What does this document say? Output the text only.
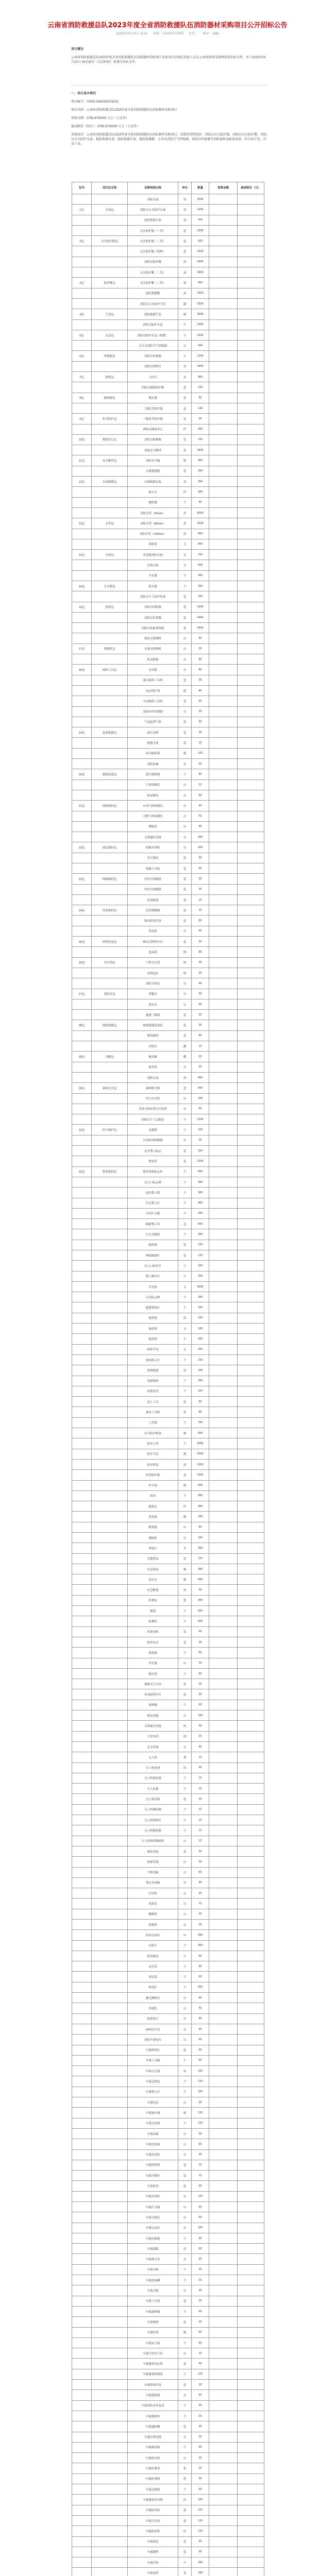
云南省消防救援总队2023年度全省消防救援队伍消防器材采购项目公开招标公告
2023年03月24日 15:41 来源：中国政府采购网 作者： 阅读：1888

项目概况

云南省消防救援总队2023年度全省消防救援队伍消防器材采购项目 招标项目的潜在投标人应在云南省政府采购网获取招标文件，并于2023年04月14日 09点30分（北京时间）前递交投标文件。

一、项目基本情况

项目编号：YNGK-NNGW2023(01)

项目名称：云南省消防救援总队2023年度全省消防救援队伍消防器材采购项目

预算金额：3756.8700000 万元（人民币）

最高限价（如有）：3756.8700000 万元（人民币）

采购需求：云南省消防救援总队2023年度全省消防救援队伍消防器材采购项目，采购的货物包括：消防员灭火防护服、消防员灭火防护靴、消防员灭火防护头套、抢险救援头盔、抢险救援手套、抢险救援靴、正压式消防空气呼吸器、消防员呼救器等消防器材及配套设备，共计32个包，详见下表。

包号	项目包名称	采购明细名称	单位	数量	预算金额	最高限价（元）
		消防头盔	顶	2500		
1包	头盔包	消防员灭火防护头盔	顶	1650		
		抢险救援头盔	顶	420		
		灭火防护服（一类）	套	1900		
2包	灭火防护服包	灭火防护服（二类）	套	420		
		灭火防护服（特种）	套	1500		
		消防员防护靴	双	2400		
		灭火防护靴（二类）	双	1800		
3包	防护靴包	灭火防护靴（三类）	双	900		
		抢险救援靴	双	1420		
		消防员灭火防护手套	副	3200		
4包	手套包	抢险救援手套	副	2600		
		消防员防护头套	个	2300		
5包	头套包	消防员防护头套（阻燃）	个	1600		
		正压式消防空气呼吸器	台	560		
6包	呼吸器包	消防员呼救器	个	1200		
		消防员照明灯	具	1800		
7包	照明包	方位灯	具	900		
		消防员隔热防护服	套	220		
8包	隔热服包	避火服	套	60		
		二级化学防护服	套	140		
9包	化学防护包	一级化学防护服	套	35		
		消防员降温背心	件	400		
10包	降温背心包	消防员防蜂服	套	120		
		消防安全腰带	条	1800		
11包	安全腰带包	消防安全绳	根	900		
		水域救援服	套	260		
12包	水域救援包	水域救援头盔	顶	260		
		救生衣	件	300		
		抛投器	个	40		
		消防水带（65mm）	盘	6000		
13包	水带包	消防水带（80mm）	盘	3200		
		消防水带（100mm）	盘	800		
		消防枪	支	600		
14包	水枪包	多功能消防水枪	支	700		
		直流水枪	支	500		
		分水器	个	300		
15包	分水器包	集水器	个	150		
		消防员个人防护装备	套	100		
16包	装备包	消防员训练服	套	1600		
		消防员作训服	套	2400		
		消防员体能训练服	套	1800		
		移动式排烟机	台	60		
17包	排烟机包	水驱动排烟机	台	30		
		机动链锯	台	80		
18包	破拆工具包	无齿锯	台	80		
		液压破拆工具组	套	30		
		电动剪扩钳	把	40		
		手动破拆工具组	套	60		
		双轮异向切割锯	台	20		
		气动起重气垫	套	20		
19包	起重救援包	液压顶撑	套	30		
		救援支架	套	10		
		多功能担架	副	120		
		消防软梯	具	60		
20包	救援装备包	救生缓降器	个	80		
		生命探测仪	台	12		
		热成像仪	台	60		
21包	侦检器材包	有毒气体探测仪	台	40		
		可燃气体检测仪	台	50		
		测温仪	台	40		
		无线通信设备	台	300		
22包	通信器材包	防爆对讲机	台	500		
		单兵图传	套	30		
		堵漏工具组	套	40		
23包	堵漏器材包	内封式堵漏袋	套	30		
		外封式堵漏袋	套	30		
		洗消帐篷	顶	10		
24包	洗消器材包	洗消喷淋器	套	20		
		移动照明灯组	套	80		
		发电机	台	40		
25包	照明发电包	移动式照明车灯	套	20		
		泡沫液	吨	80		
26包	灭火剂包	干粉灭火剂	吨	30		
		A类泡沫	吨	20		
		消防手抬泵	台	40		
27包	消防泵包	浮艇泵	台	30		
		潜水泵	台	40		
		救援三脚架	套	20		
28包	绳索救援包	绳索救援装备组	套	20		
		攀登器材	套	40		
		冲锋舟	艘	12		
29包	舟艇包	橡皮艇	艘	20		
		舷外机	台	20		
		消防头盔	顶	800		
30包	森林灭火包	森林防火服	套	600		
		风力灭火机	台	100		
		背负式细水雾灭火装置	台	60		
		消防员个人急救包	个	1200		
31包	医疗救护包	急救箱	个	120		
		自动体外除颤器	台	30		
		安全警示标志	套	200		
		警戒带	卷	1000		
32包	警戒器材包	锥形事故标志柱	个	600		
		出入口标志牌	个	300		
		危险警示牌	个	300		
		闪光警示灯	个	400		
		手持扩音器	个	200		
		隔离警示带	卷	600		
		注水式路障	个	200		
		隔离网	套	120		
		伸缩隔离栏	套	120		
		出入口标识灯	个	150		
		警示频闪灯	个	200		
		荧光棒	支	3000		
		反光标志牌	个	200		
		救援警戒灯	个	150		
		指挥旗	面	100		
		指挥棒	支	100		
		指挥哨	个	200		
		指挥手电	支	200		
		现场指示灯	个	150		
		照明线缆	盘	100		
		电源插座	个	200		
		电缆卷盘	个	120		
		电工工具	套	60		
		通用工具组	套	80		
		工具箱	个	100		
		安全防护眼镜	副	600		
		防护口罩	个	3000		
		防护手套	副	2000		
		防护鞋套	双	1000		
		医用防护服	套	1000		
		护目镜	副	800		
		面屏	个	800		
		隔离衣	件	600		
		消毒液	桶	200		
		喷雾器	台	80		
		测温枪	台	100		
		体温计	支	300		
		急救药品	套	120		
		应急食品	箱	300		
		饮用水	箱	500		
		应急帐篷	顶	60		
		折叠床	张	300		
		睡袋	个	500		
		防潮垫	个	500		
		折叠桌椅	套	60		
		野外炊具	套	30		
		保温箱	个	60		
		净水器	台	20		
		储水袋	个	60		
		便携式卫生间	套	20		
		发电照明车灯	套	20		
		油料桶	个	60		
		移动电源	台	100		
		太阳能充电板	块	60		
		卫星电话	部	20		
		北斗终端	台	40		
		无人机	架	12		
		无人机电池	块	60		
		无人机遥控器	个	12		
		无人机箱	个	12		
		无人机挂载	套	12		
		无人机喊话器	个	12		
		无人机照明灯	个	12		
		无人机抛投器	个	12		
		无人机热成像相机	台	12		
		图传设备	套	20		
		指挥终端	台	20		
		平板电脑	台	60		
		笔记本电脑	台	40		
		打印机	台	20		
		投影仪	台	12		
		摄像机	台	20		
		照相机	台	30		
		执法记录仪	台	200		
		存储卡	个	300		
		移动硬盘	个	60		
		录音笔	个	60		
		望远镜	个	60		
		指南针	个	200		
		激光测距仪	台	40		
		风速仪	台	40		
		温湿度计	台	40		
		GPS定位仪	台	40		
		消防车载电台	台	60		
		车载照明灯	套	60		
		车载工具箱	个	60		
		车载灭火器	具	120		
		车载急救包	个	120		
		车载警示灯	个	120		
		车载绞盘	台	20		
		车载拖车绳	根	120		
		车载充电器	个	120		
		车载冰箱	台	20		
		车载逆变器	台	60		
		车载发电机	台	20		
		车载照明塔	套	12		
		车载升降杆	套	12		
		车载监控	套	60		
		车载对讲机	台	120		
		车载扩音器	台	60		
		车载导航仪	台	60		
		车载记录仪	台	120		
		车载电源箱	个	60		
		车载线缆	盘	60		
		车载排水泵	台	20		
		车载水箱	个	20		
		车载泡沫罐	个	20		
		车载水炮	台	20		
		车载工具架	套	20		
		车载器材箱	个	60		
		车载梯架	套	20		
		车载担架	副	60		
		车载氧气瓶	个	60		
		车载空呼充气泵	台	12		
		车载器材固定架	套	60		
		车载器材收纳袋	个	120		
		车载照明灯组	套	20		
		车载警报器	台	60		
		车载消防水带卷盘	个	60		
		车载器材柜	个	20		
		车载遮阳棚	套	20		
		车载后备电源	台	20		
		车载物资箱	个	60		
		车载饮水机	台	20		
		车载折叠桌	张	20		
		车载折叠椅	把	60		
		车载急救箱	个	60		
		车载器材清单牌	块	120		
		车载标识贴	套	120		
		车载反光条	卷	120		
		车载防滑垫	块	120		
		车载座套	套	60		
		车载脚垫	套	60		
		车载挂钩	个	200		
		车载束带	条	200		
